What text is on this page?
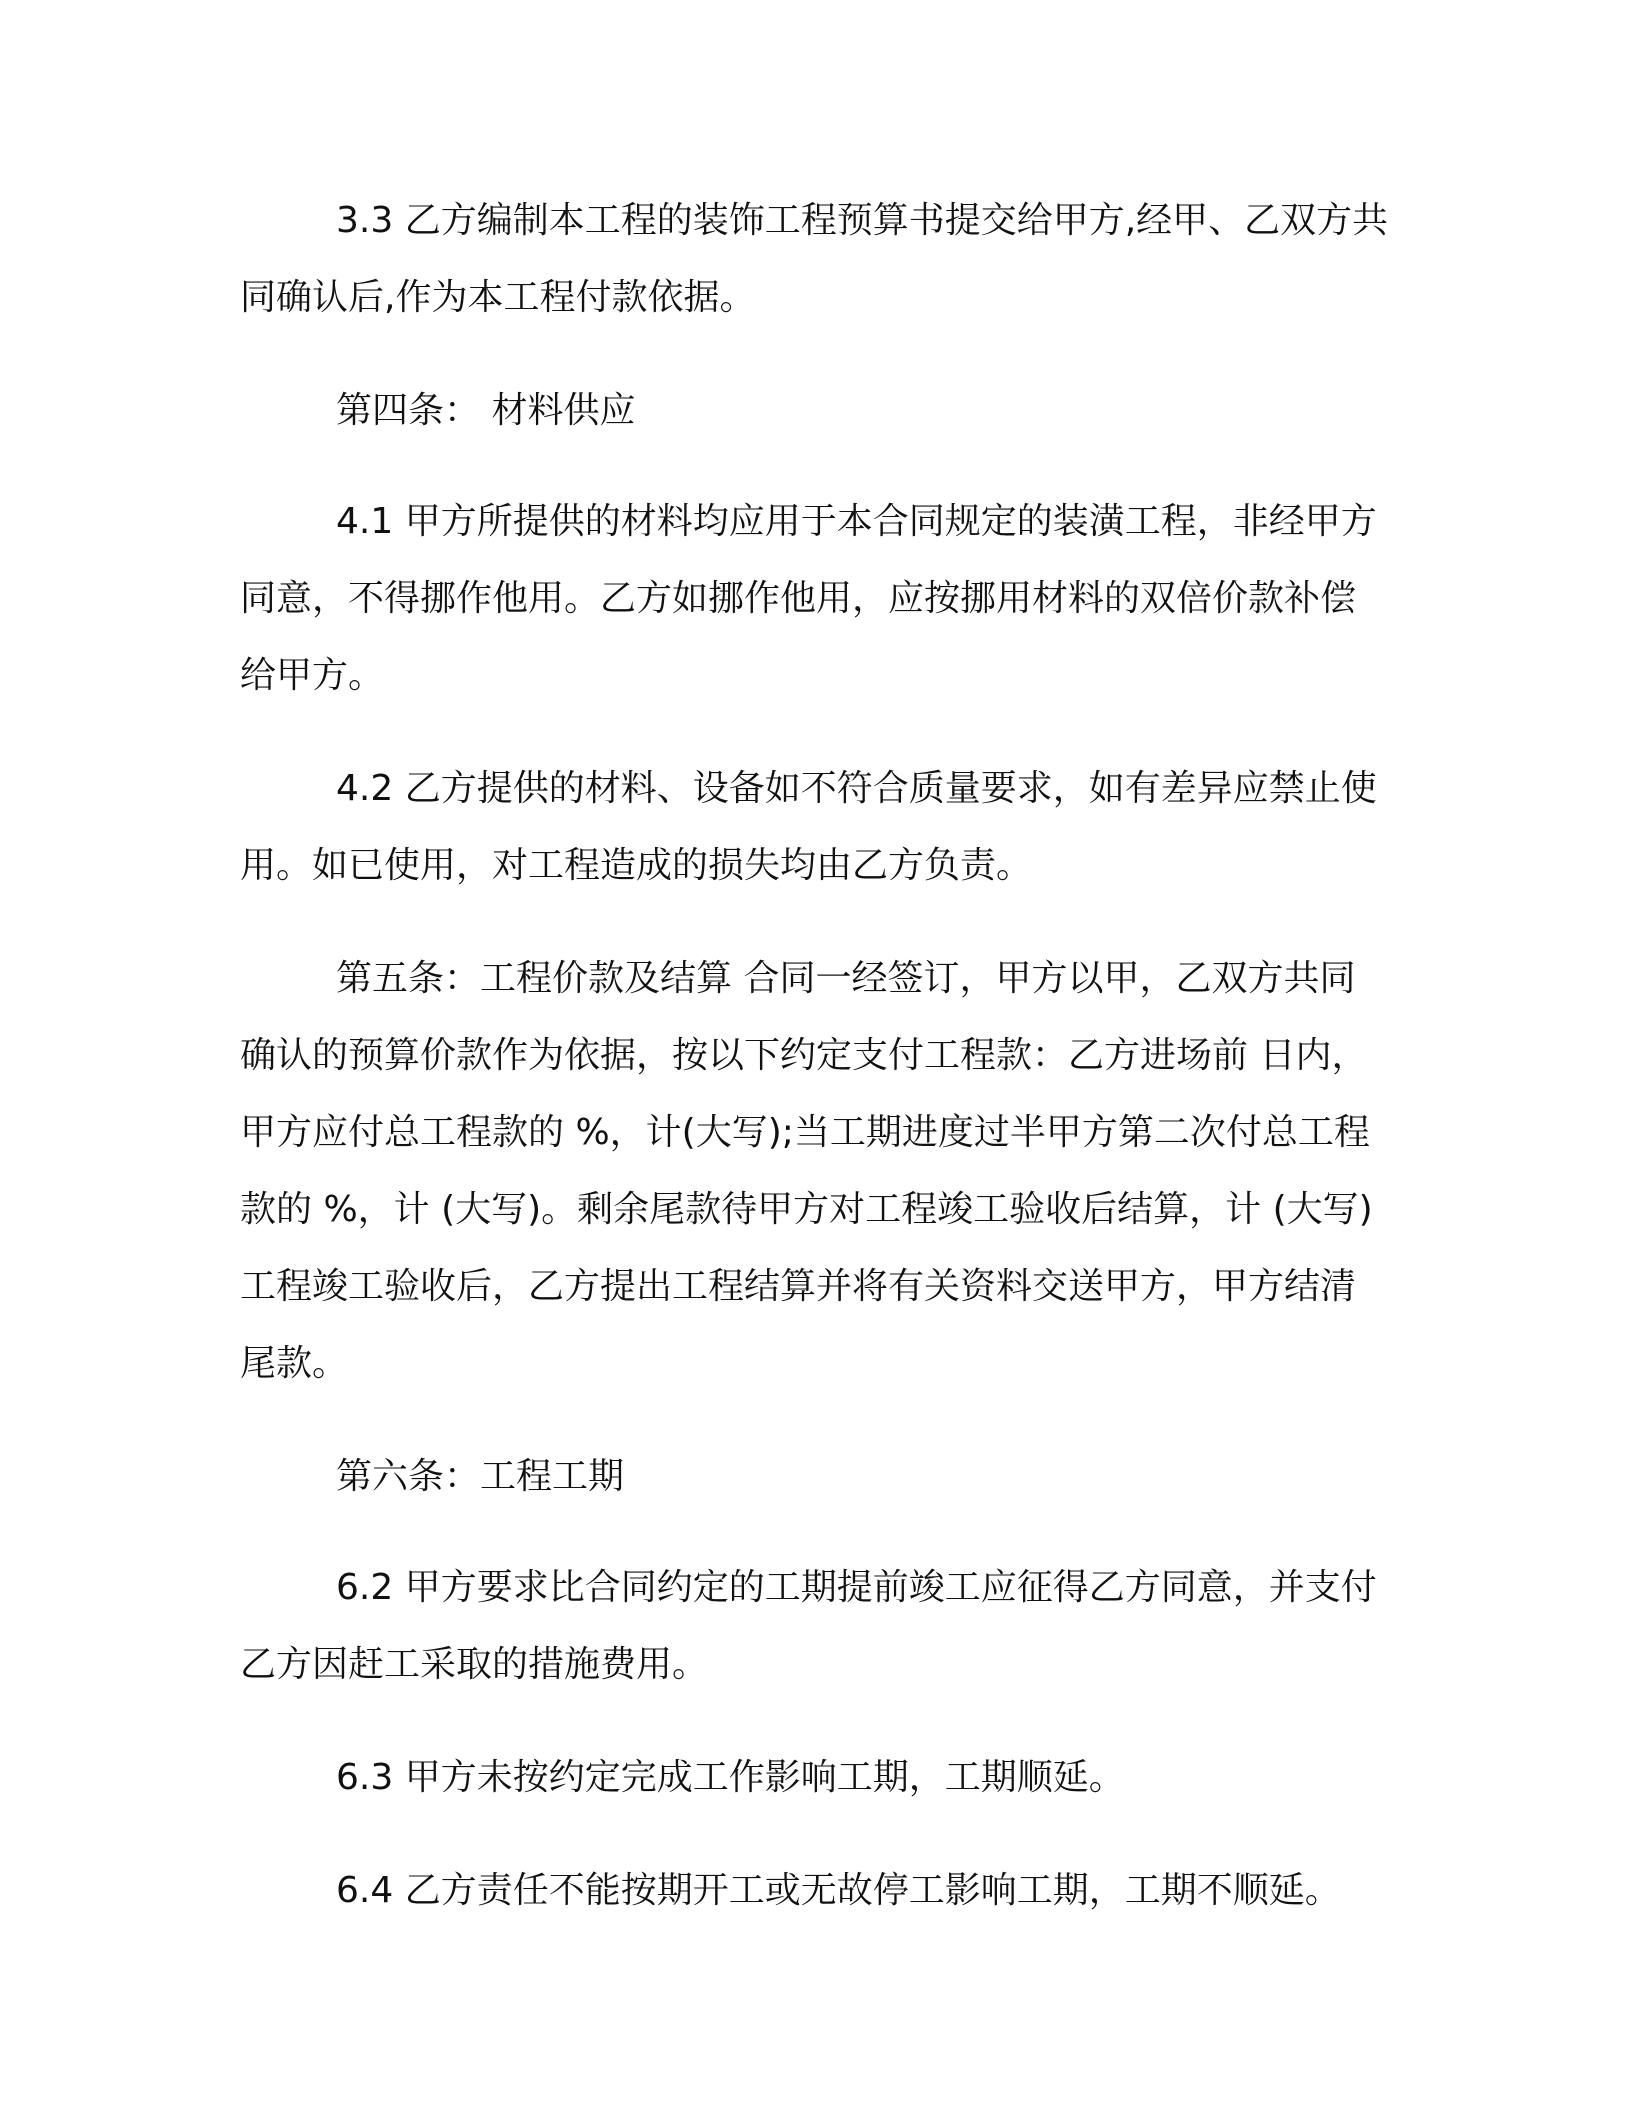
3.3 乙方编制本工程的装饰工程预算书提交给甲方,经甲、乙双方共同确认后,作为本工程付款依据。

第四条： 材料供应

4.1 甲方所提供的材料均应用于本合同规定的装潢工程，非经甲方同意，不得挪作他用。乙方如挪作他用，应按挪用材料的双倍价款补偿给甲方。

4.2 乙方提供的材料、设备如不符合质量要求，如有差异应禁止使用。如已使用，对工程造成的损失均由乙方负责。

第五条：工程价款及结算 合同一经签订，甲方以甲，乙双方共同确认的预算价款作为依据，按以下约定支付工程款：乙方进场前 日内，甲方应付总工程款的 %，计(大写);当工期进度过半甲方第二次付总工程款的 %，计 (大写)。剩余尾款待甲方对工程竣工验收后结算，计 (大写)工程竣工验收后，乙方提出工程结算并将有关资料交送甲方，甲方结清尾款。

第六条：工程工期

6.2 甲方要求比合同约定的工期提前竣工应征得乙方同意，并支付乙方因赶工采取的措施费用。

6.3 甲方未按约定完成工作影响工期，工期顺延。

6.4 乙方责任不能按期开工或无故停工影响工期，工期不顺延。
